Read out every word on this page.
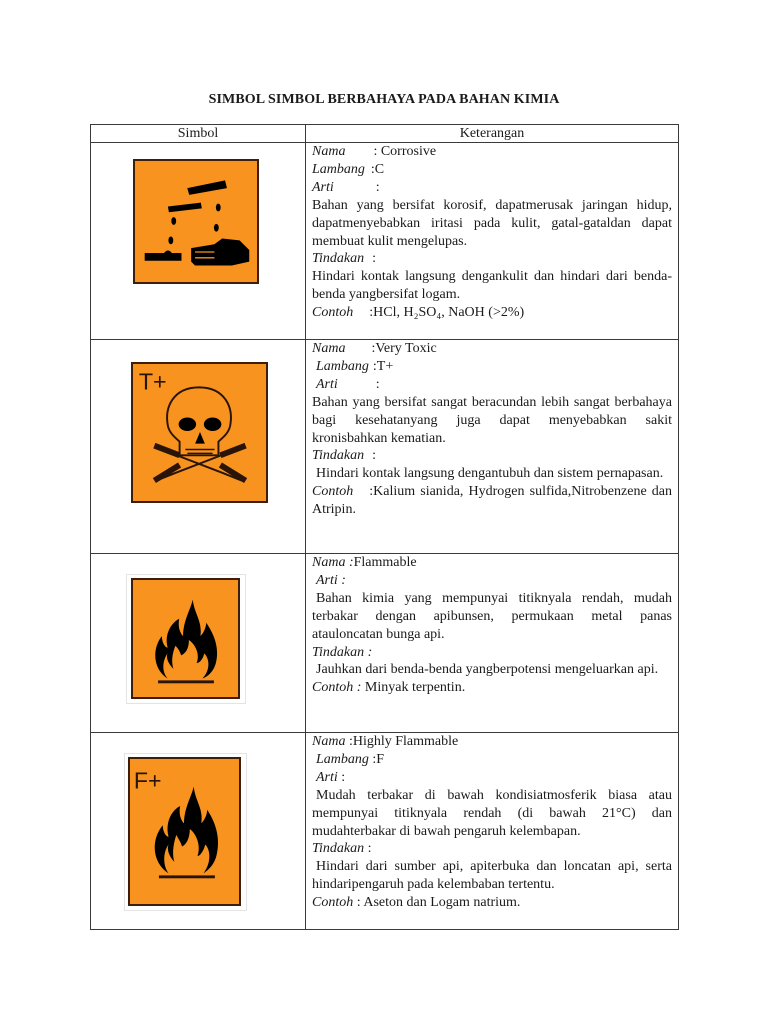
SIMBOL SIMBOL BERBAHAYA PADA BAHAN KIMIA
Simbol	Keterangan

Nama : Corrosive
Lambang :C
Arti	:
Bahan yang bersifat korosif, dapatmerusak jaringan hidup, dapatmenyebabkan iritasi pada kulit, gatal-gataldan dapat membuat kulit mengelupas.
Tindakan :
Hindari kontak langsung dengankulit dan hindari dari benda-benda yangbersifat logam.
Contoh :HCl, H₂SO₄, NaOH (>2%)

T+

Nama :Very Toxic
Lambang :T+
Arti	:
Bahan yang bersifat sangat beracundan lebih sangat berbahaya bagi kesehatanyang juga dapat menyebabkan sakit kronisbahkan kematian.
Tindakan :
Hindari kontak langsung dengantubuh dan sistem pernapasan.
Contoh :Kalium sianida, Hydrogen sulfida,Nitrobenzene dan Atripin.

Nama :Flammable
Arti :
Bahan kimia yang mempunyai titiknyala rendah, mudah terbakar dengan apibunsen, permukaan metal panas atauloncatan bunga api.
Tindakan :
Jauhkan dari benda-benda yangberpotensi mengeluarkan api.
Contoh : Minyak terpentin.

F+

Nama :Highly Flammable
Lambang :F
Arti :
Mudah terbakar di bawah kondisiatmosferik biasa atau mempunyai titiknyala rendah (di bawah 21°C) dan mudahterbakar di bawah pengaruh kelembapan.
Tindakan :
Hindari dari sumber api, apiterbuka dan loncatan api, serta hindaripengaruh pada kelembaban tertentu.
Contoh : Aseton dan Logam natrium.
